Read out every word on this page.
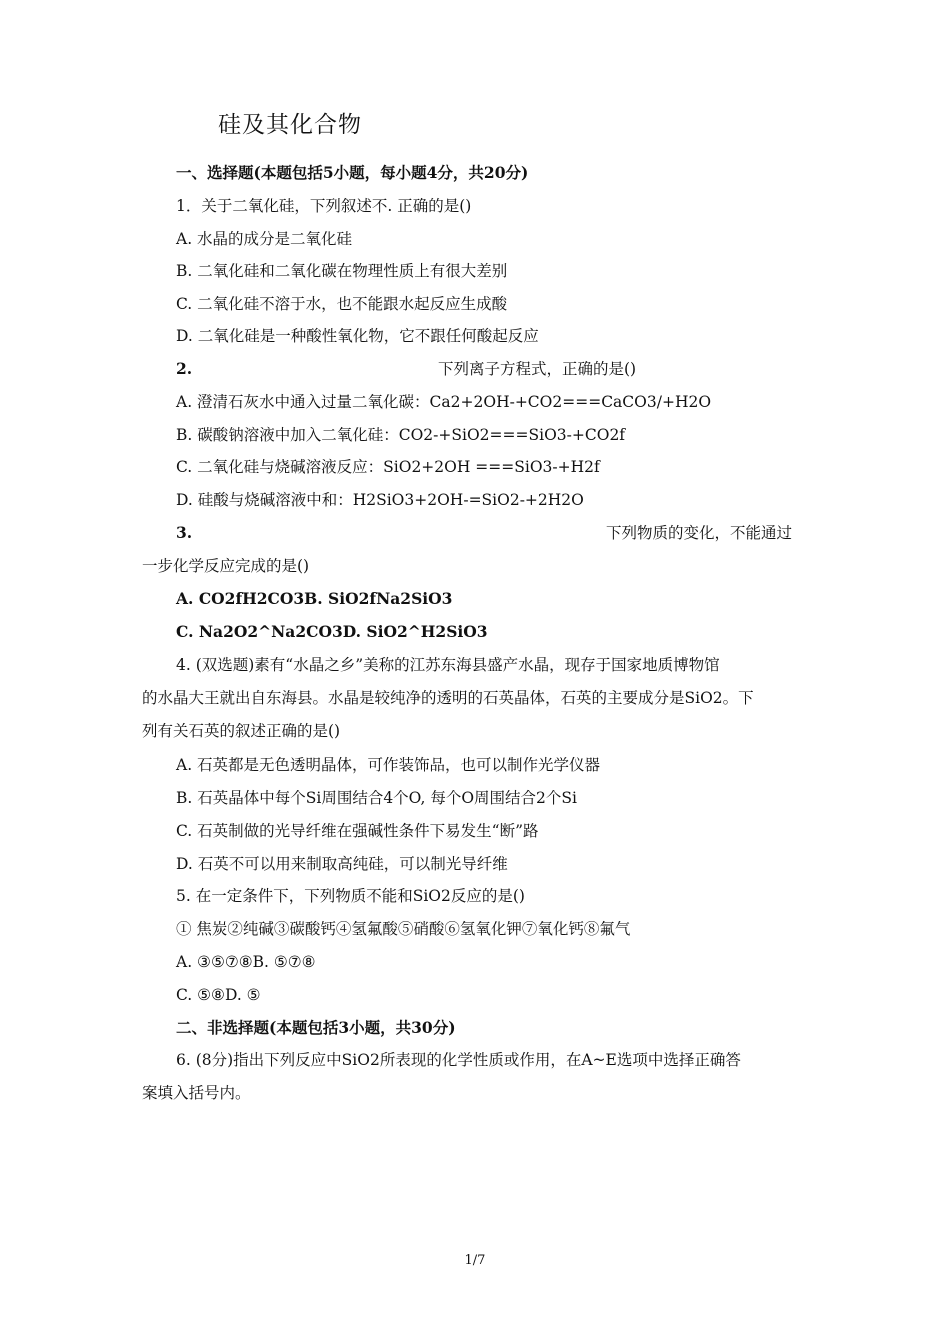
硅及其化合物
一、选择题(本题包括5小题，每小题4分，共20分)
1．关于二氧化硅，下列叙述不. 正确的是()
A. 水晶的成分是二氧化硅
B. 二氧化硅和二氧化碳在物理性质上有很大差别
C. 二氧化硅不溶于水，也不能跟水起反应生成酸
D. 二氧化硅是一种酸性氧化物，它不跟任何酸起反应
2.	下列离子方程式，正确的是()
A. 澄清石灰水中通入过量二氧化碳：Ca2+2OH-+CO2===CaCO3/+H2O
B. 碳酸钠溶液中加入二氧化硅：CO2-+SiO2===SiO3-+CO2f
C. 二氧化硅与烧碱溶液反应：SiO2+2OH ===SiO3-+H2f
D. 硅酸与烧碱溶液中和：H2SiO3+2OH-=SiO2-+2H2O
3.	下列物质的变化，不能通过
一步化学反应完成的是()
A. CO2fH2CO3B. SiO2fNa2SiO3
C. Na2O2^Na2CO3D. SiO2^H2SiO3
4. (双选题)素有“水晶之乡”美称的江苏东海县盛产水晶，现存于国家地质博物馆
的水晶大王就出自东海县。水晶是较纯净的透明的石英晶体，石英的主要成分是SiO2。下
列有关石英的叙述正确的是()
A. 石英都是无色透明晶体，可作装饰品，也可以制作光学仪器
B. 石英晶体中每个Si周围结合4个O, 每个O周围结合2个Si
C. 石英制做的光导纤维在强碱性条件下易发生“断”路
D. 石英不可以用来制取高纯硅，可以制光导纤维
5. 在一定条件下，下列物质不能和SiO2反应的是()
① 焦炭②纯碱③碳酸钙④氢氟酸⑤硝酸⑥氢氧化钾⑦氧化钙⑧氟气
A. ③⑤⑦⑧B. ⑤⑦⑧
C. ⑤⑧D. ⑤
二、非选择题(本题包括3小题，共30分)
6. (8分)指出下列反应中SiO2所表现的化学性质或作用，在A~E选项中选择正确答
案填入括号内。
1/7
